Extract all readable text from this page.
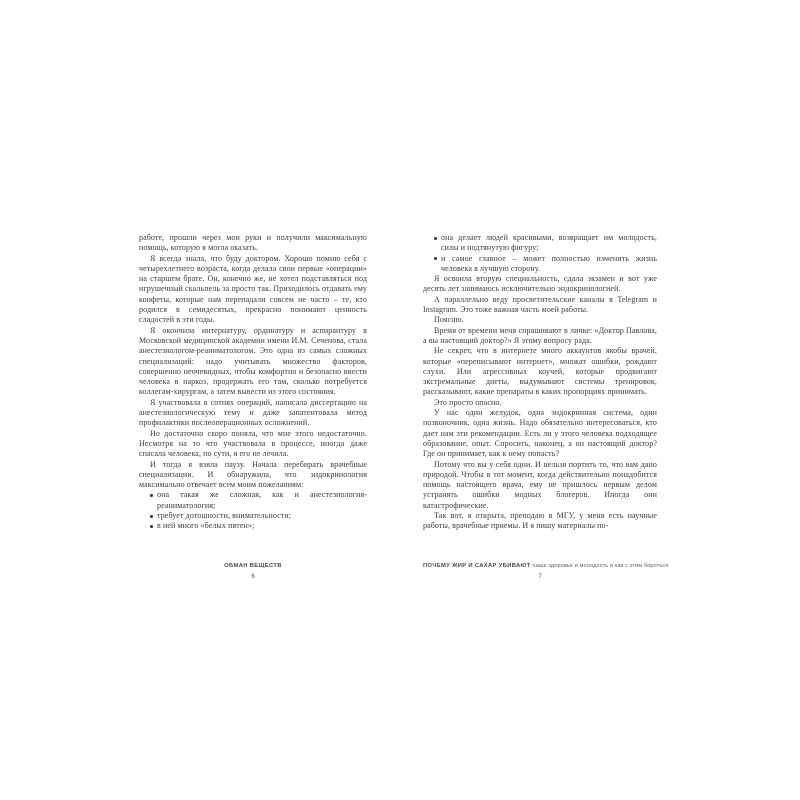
работе, прошли через мои руки и получили максимальную помощь, которую я могла оказать.

Я всегда знала, что буду доктором. Хорошо помню себя с четырехлетнего возраста, когда делала свои первые «операции» на старшем брате. Он, конечно же, не хотел подставляться под игрушечный скальпель за просто так. Приходилось отдавать ему конфеты, которые нам перепадали совсем не часто – те, кто родился в семидесятых, прекрасно понимают ценность сладостей в эти годы.

Я окончила интернатуру, ординатуру и аспирантуру в Московской медицинской академии имени И.М. Сеченова, стала анестезиологом-реаниматологом. Это одна из самых сложных специализаций: надо учитывать множество факторов, совершенно неочевидных, чтобы комфортно и безопасно ввести человека в наркоз, продержать его там, сколько потребуется коллегам-хирургам, а затем вывести из этого состояния.

Я участвовала в сотнях операций, написала диссертацию на анестезиологическую тему и даже запатентовала метод профилактики послеоперационных осложнений.

Но достаточно скоро поняла, что мне этого недостаточно. Несмотря на то что участвовала в процессе, иногда даже спасала человека, по сути, я его не лечила.

И тогда я взяла паузу. Начала перебирать врачебные специализации. И обнаружила, что эндокринология максимально отвечает всем моим пожеланиям:

она такая же сложная, как и анестезиология-реаниматология;
требует дотошности, внимательности;
в ней много «белых пятен»;
ОБМАН ВЕЩЕСТВ
6
она делает людей красивыми, возвращает им молодость, силы и подтянутую фигуру;
и самое главное – может полностью изменить жизнь человека в лучшую сторону.

Я освоила вторую специальность, сдала экзамен и вот уже десять лет занимаюсь исключительно эндокринологией.

А параллельно веду просветительские каналы в Telegram и Instagram. Это тоже важная часть моей работы.

Поясню.

Время от времени меня спрашивают в личке: «Доктор Павлова, а вы настоящий доктор?» Я этому вопросу рада.

Не секрет, что в интернете много аккаунтов якобы врачей, которые «переписывают интернет», множат ошибки, рождают слухи. Или агрессивных коучей, которые продвигают экстремальные диеты, выдумывают системы тренировок, рассказывают, какие препараты в каких пропорциях принимать.

Это просто опасно.

У нас один желудок, одна эндокринная система, один позвоночник, одна жизнь. Надо обязательно интересоваться, кто дает нам эти рекомендации. Есть ли у этого человека подходящее образование, опыт. Спросить, наконец, а он настоящий доктор? Где он принимает, как к нему попасть?

Потому что вы у себя одни. И нельзя портить то, что вам дано природой. Чтобы в тот момент, когда действительно понадобится помощь настоящего врача, ему не пришлось первым делом устранять ошибки модных блогеров. Иногда они катастрофические.

Так вот, я открыта, преподаю в МГУ, у меня есть научные работы, врачебные приемы. И я пишу материалы по-

ПОЧЕМУ ЖИР И САХАР УБИВАЮТ наше здоровье и молодость и как с этим бороться
7
